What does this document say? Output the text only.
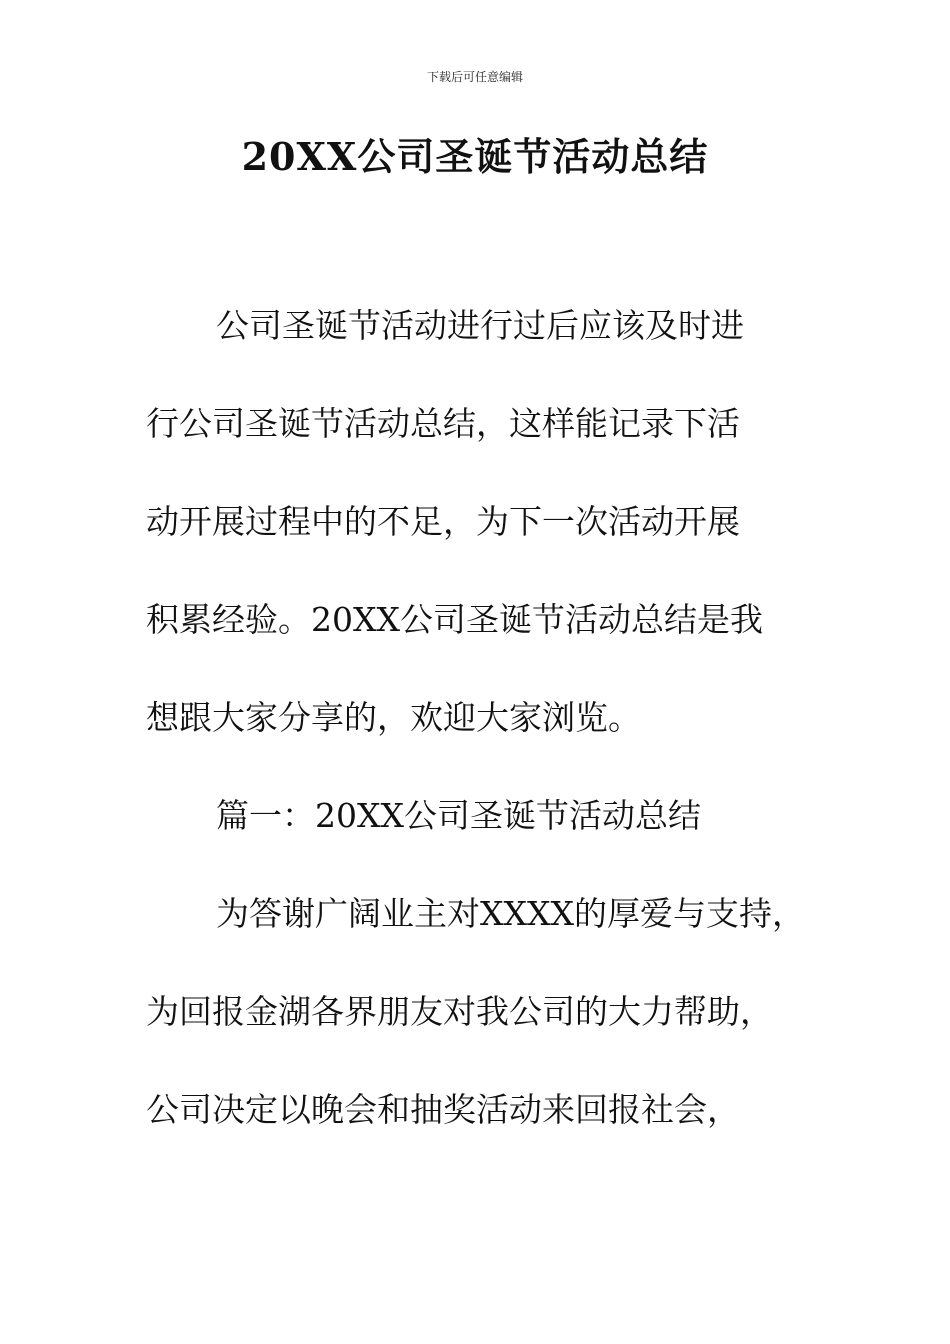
下载后可任意编辑
20XX公司圣诞节活动总结
公司圣诞节活动进行过后应该及时进
行公司圣诞节活动总结，这样能记录下活
动开展过程中的不足，为下一次活动开展
积累经验。20XX公司圣诞节活动总结是我
想跟大家分享的，欢迎大家浏览。
篇一：20XX公司圣诞节活动总结
为答谢广阔业主对XXXX的厚爱与支持，
为回报金湖各界朋友对我公司的大力帮助，
公司决定以晚会和抽奖活动来回报社会，
